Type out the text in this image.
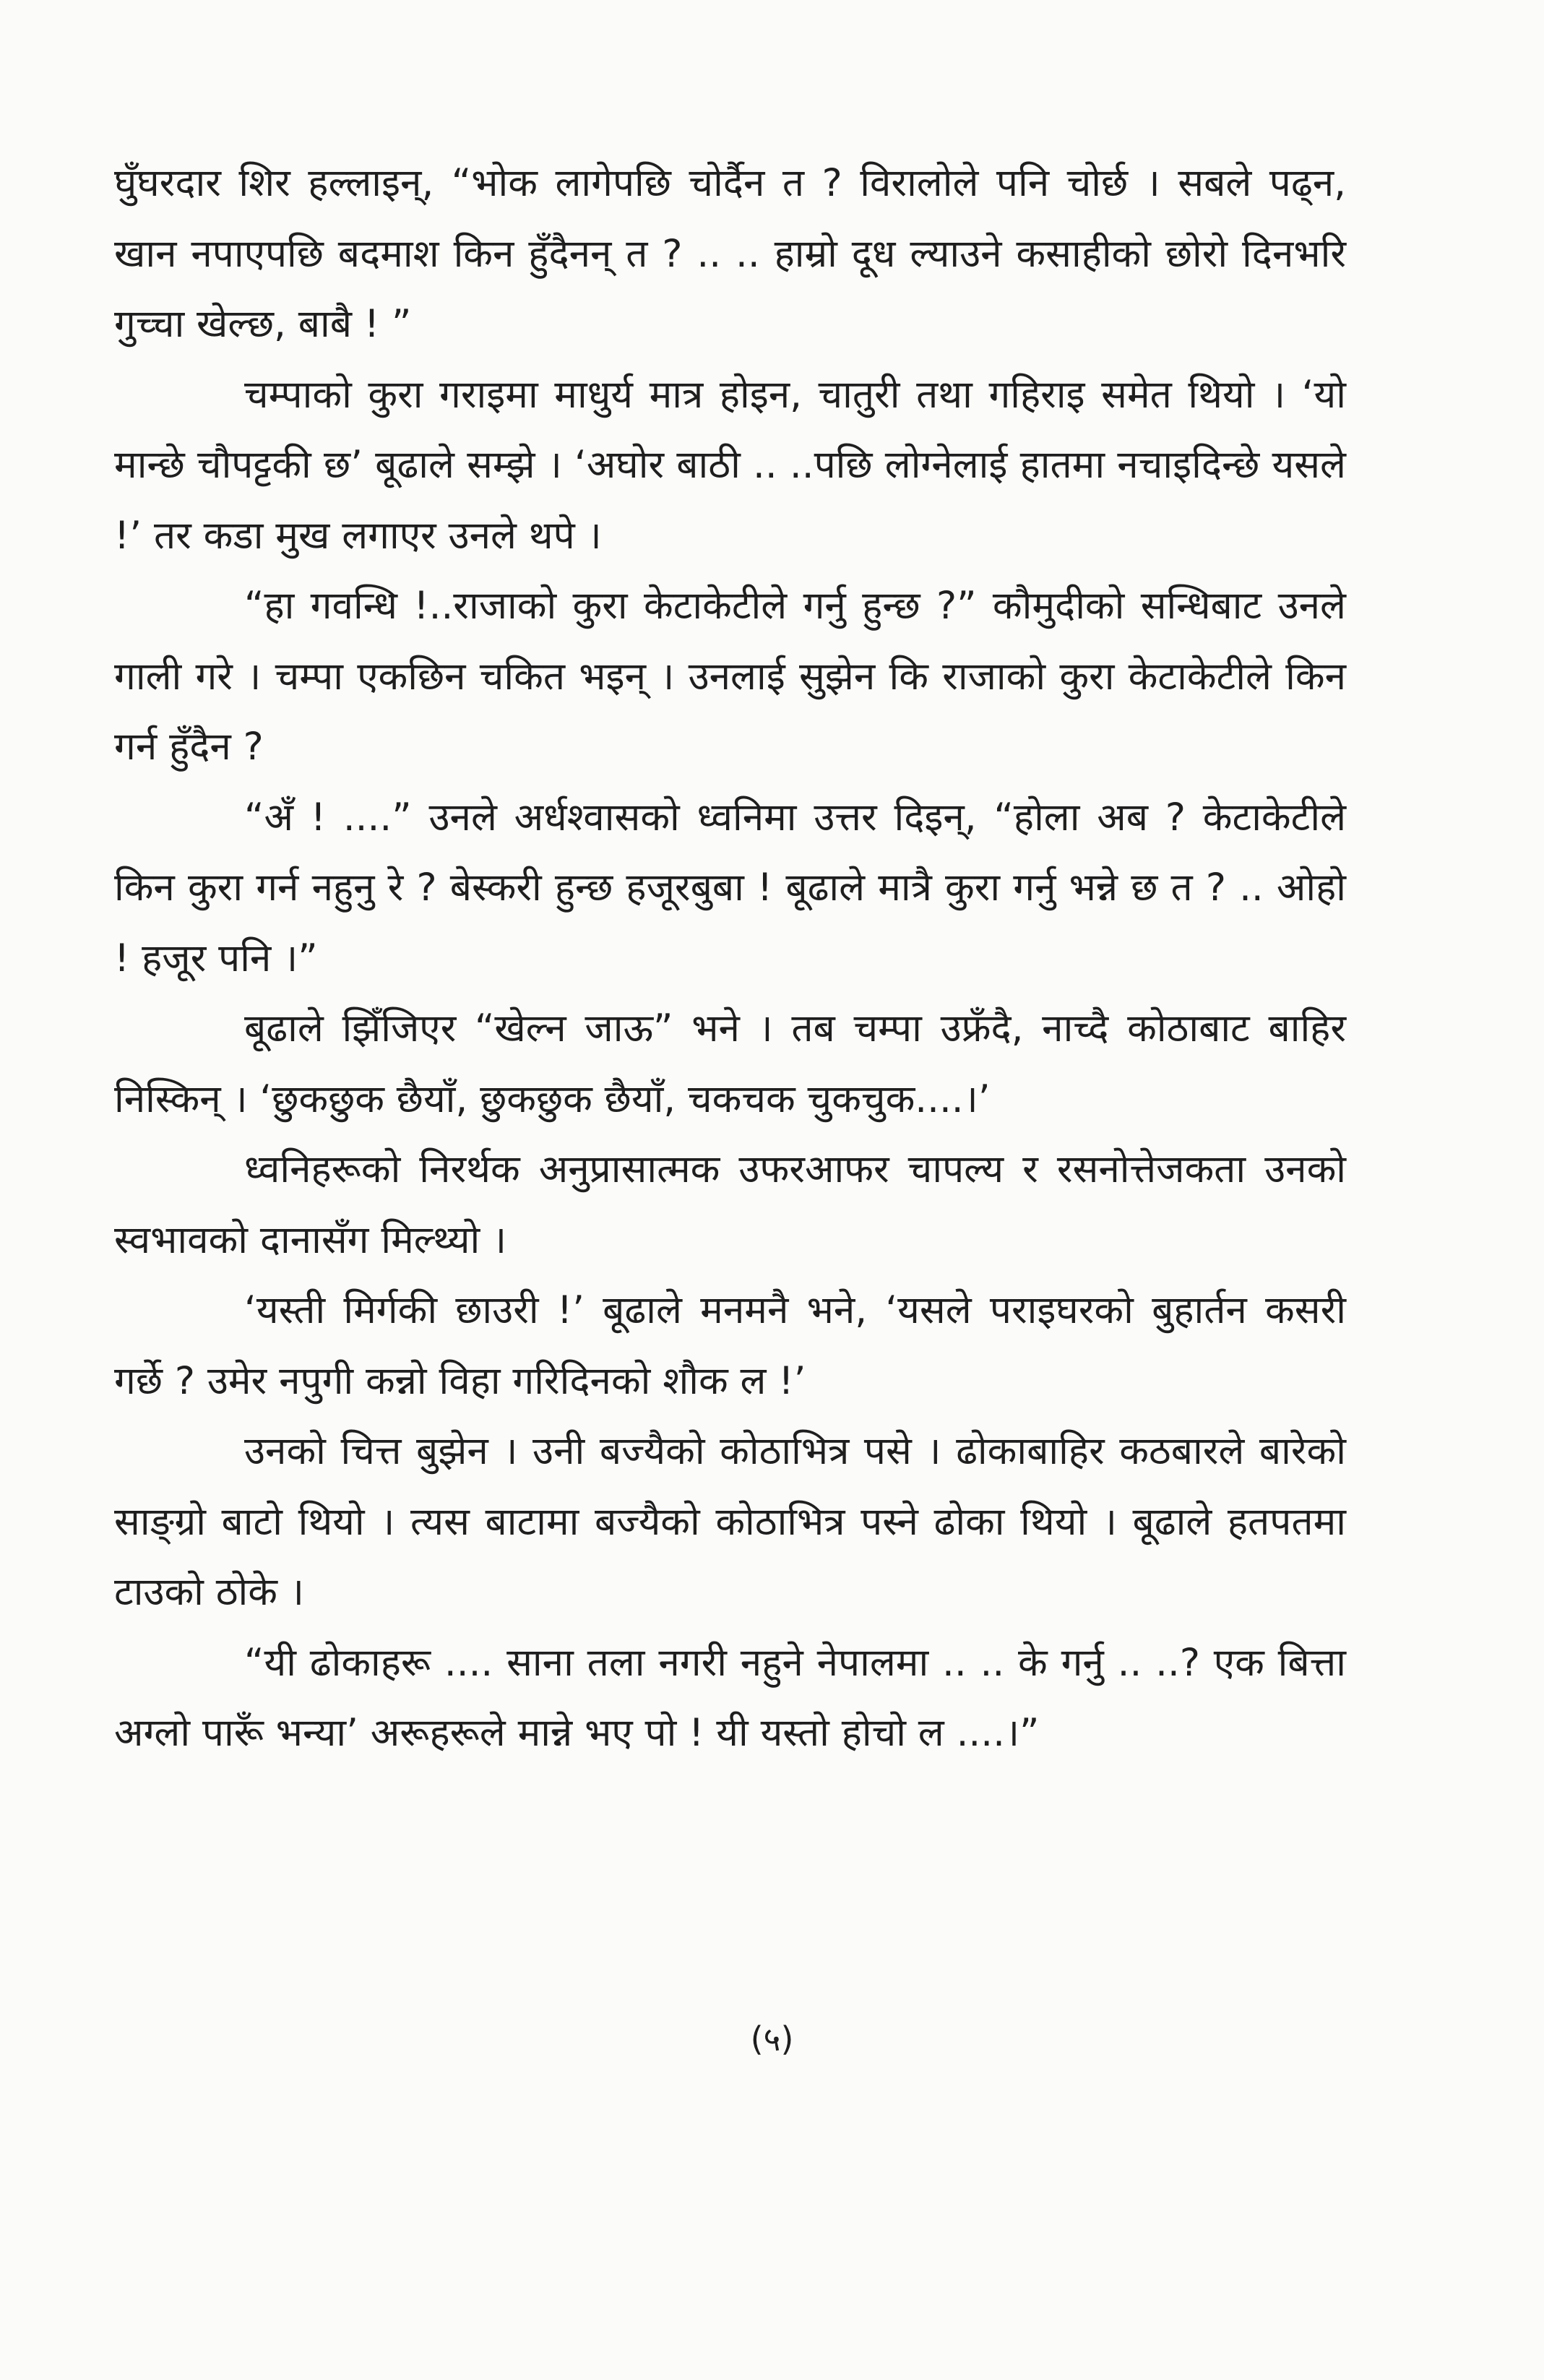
घुँघरदार शिर हल्लाइन्, “भोक लागेपछि चोर्दैन त ? विरालोले पनि चोर्छ । सबले पढ्न, खान नपाएपछि बदमाश किन हुँदैनन् त ? .. .. हाम्रो दूध ल्याउने कसाहीको छोरो दिनभरि गुच्चा खेल्छ, बाबै ! ”

चम्पाको कुरा गराइमा माधुर्य मात्र होइन, चातुरी तथा गहिराइ समेत थियो । ‘यो मान्छे चौपट्टकी छ’ बूढाले सम्झे । ‘अघोर बाठी .. ..पछि लोग्नेलाई हातमा नचाइदिन्छे यसले !’ तर कडा मुख लगाएर उनले थपे ।

“हा गवन्धि !..राजाको कुरा केटाकेटीले गर्नु हुन्छ ?” कौमुदीको सन्धिबाट उनले गाली गरे । चम्पा एकछिन चकित भइन् । उनलाई सुझेन कि राजाको कुरा केटाकेटीले किन गर्न हुँदैन ?

“अँ ! ....” उनले अर्धश्वासको ध्वनिमा उत्तर दिइन्, “होला अब ? केटाकेटीले किन कुरा गर्न नहुनु रे ? बेस्करी हुन्छ हजूरबुबा ! बूढाले मात्रै कुरा गर्नु भन्ने छ त ? .. ओहो ! हजूर पनि ।”

बूढाले झिँजिएर “खेल्न जाऊ” भने । तब चम्पा उफ्रँदै, नाच्दै कोठाबाट बाहिर निस्किन् । ‘छुकछुक छैयाँ, छुकछुक छैयाँ, चकचक चुकचुक....।’

ध्वनिहरूको निरर्थक अनुप्रासात्मक उफरआफर चापल्य र रसनोत्तेजकता उनको स्वभावको दानासँग मिल्थ्यो ।

‘यस्ती मिर्गकी छाउरी !’ बूढाले मनमनै भने, ‘यसले पराइघरको बुहार्तन कसरी गर्छे ? उमेर नपुगी कन्नो विहा गरिदिनको शौक ल !’

उनको चित्त बुझेन । उनी बज्यैको कोठाभित्र पसे । ढोकाबाहिर कठबारले बारेको साङ्ग्रो बाटो थियो । त्यस बाटामा बज्यैको कोठाभित्र पस्ने ढोका थियो । बूढाले हतपतमा टाउको ठोके ।

“यी ढोकाहरू .... साना तला नगरी नहुने नेपालमा .. .. के गर्नु .. ..? एक बित्ता अग्लो पारूँ भन्या’ अरूहरूले मान्ने भए पो ! यी यस्तो होचो ल ....।”

(५)
